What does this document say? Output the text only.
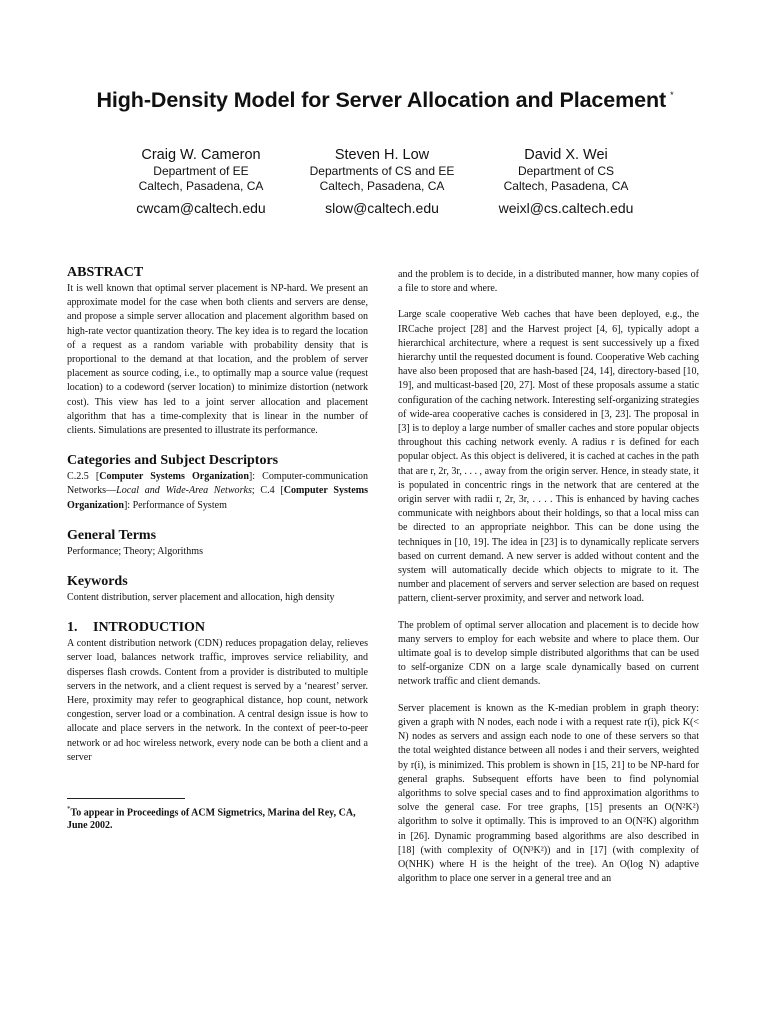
High-Density Model for Server Allocation and Placement *
Craig W. Cameron
Department of EE
Caltech, Pasadena, CA
cwcam@caltech.edu
Steven H. Low
Departments of CS and EE
Caltech, Pasadena, CA
slow@caltech.edu
David X. Wei
Department of CS
Caltech, Pasadena, CA
weixl@cs.caltech.edu
ABSTRACT

It is well known that optimal server placement is NP-hard. We present an approximate model for the case when both clients and servers are dense, and propose a simple server allocation and placement algorithm based on high-rate vector quantization theory. The key idea is to regard the location of a request as a random variable with probability density that is proportional to the demand at that location, and the problem of server placement as source coding, i.e., to optimally map a source value (request location) to a codeword (server location) to minimize distortion (network cost). This view has led to a joint server allocation and placement algorithm that has a time-complexity that is linear in the number of clients. Simulations are presented to illustrate its performance.

Categories and Subject Descriptors

C.2.5 [Computer Systems Organization]: Computer-communication Networks—Local and Wide-Area Networks; C.4 [Computer Systems Organization]: Performance of System

General Terms

Performance; Theory; Algorithms

Keywords

Content distribution, server placement and allocation, high density

1. INTRODUCTION

A content distribution network (CDN) reduces propagation delay, relieves server load, balances network traffic, improves service reliability, and disperses flash crowds. Content from a provider is distributed to multiple servers in the network, and a client request is served by a ‘nearest’ server. Here, proximity may refer to geographical distance, hop count, network congestion, server load or a combination. A central design issue is how to allocate and place servers in the network. In the context of peer-to-peer network or ad hoc wireless network, every node can be both a client and a server

*To appear in Proceedings of ACM Sigmetrics, Marina del Rey, CA, June 2002.

and the problem is to decide, in a distributed manner, how many copies of a file to store and where.

Large scale cooperative Web caches that have been deployed, e.g., the IRCache project [28] and the Harvest project [4, 6], typically adopt a hierarchical architecture, where a request is sent successively up a fixed hierarchy until the requested document is found. Cooperative Web caching have also been proposed that are hash-based [24, 14], directory-based [10, 19], and multicast-based [20, 27]. Most of these proposals assume a static configuration of the caching network. Interesting self-organizing strategies of wide-area cooperative caches is considered in [3, 23]. The proposal in [3] is to deploy a large number of smaller caches and store popular objects throughout this caching network evenly. A radius r is defined for each popular object. As this object is delivered, it is cached at caches in the path that are r, 2r, 3r, . . . , away from the origin server. Hence, in steady state, it is populated in concentric rings in the network that are centered at the origin server with radii r, 2r, 3r, . . . . This is enhanced by having caches communicate with neighbors about their holdings, so that a local miss can be directed to an appropriate neighbor. This can be done using the techniques in [10, 19]. The idea in [23] is to dynamically replicate servers based on current demand. A new server is added without content and the system will automatically decide which objects to migrate to it. The number and placement of servers and server selection are based on request pattern, client-server proximity, and server and network load.

The problem of optimal server allocation and placement is to decide how many servers to employ for each website and where to place them. Our ultimate goal is to develop simple distributed algorithms that can be used to self-organize CDN on a large scale dynamically based on current network traffic and client demands.

Server placement is known as the K-median problem in graph theory: given a graph with N nodes, each node i with a request rate r(i), pick K(< N) nodes as servers and assign each node to one of these servers so that the total weighted distance between all nodes i and their servers, weighted by r(i), is minimized. This problem is shown in [15, 21] to be NP-hard for general graphs. Subsequent efforts have been to find polynomial algorithms to solve special cases and to find approximation algorithms to solve the general case. For tree graphs, [15] presents an O(N²K²) algorithm to solve it optimally. This is improved to an O(N²K) algorithm in [26]. Dynamic programming based algorithms are also described in [18] (with complexity of O(N³K²)) and in [17] (with complexity of O(NHK) where H is the height of the tree). An O(log N) adaptive algorithm to place one server in a general tree and an
